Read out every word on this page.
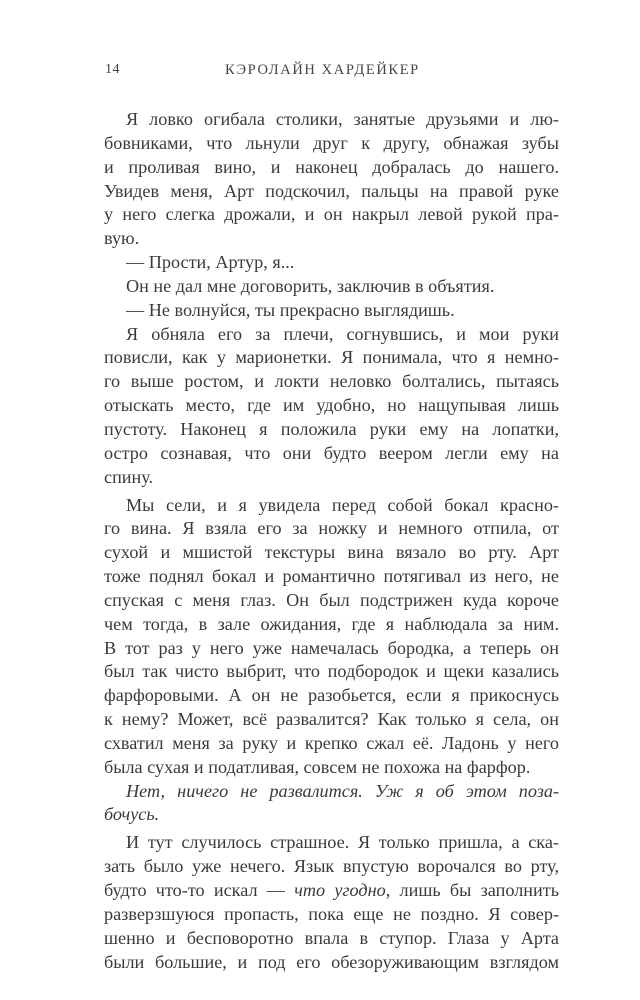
14	КЭРОЛАЙН ХАРДЕЙКЕР
Я ловко огибала столики, занятые друзьями и лю-
бовниками, что льнули друг к другу, обнажая зубы
и проливая вино, и наконец добралась до нашего.
Увидев меня, Арт подскочил, пальцы на правой руке
у него слегка дрожали, и он накрыл левой рукой пра-
вую.
— Прости, Артур, я...
Он не дал мне договорить, заключив в объятия.
— Не волнуйся, ты прекрасно выглядишь.
Я обняла его за плечи, согнувшись, и мои руки
повисли, как у марионетки. Я понимала, что я немно-
го выше ростом, и локти неловко болтались, пытаясь
отыскать место, где им удобно, но нащупывая лишь
пустоту. Наконец я положила руки ему на лопатки,
остро сознавая, что они будто веером легли ему на
спину.
Мы сели, и я увидела перед собой бокал красно-
го вина. Я взяла его за ножку и немного отпила, от
сухой и мшистой текстуры вина вязало во рту. Арт
тоже поднял бокал и романтично потягивал из него, не
спуская с меня глаз. Он был подстрижен куда короче
чем тогда, в зале ожидания, где я наблюдала за ним.
В тот раз у него уже намечалась бородка, а теперь он
был так чисто выбрит, что подбородок и щеки казались
фарфоровыми. А он не разобьется, если я прикоснусь
к нему? Может, всё развалится? Как только я села, он
схватил меня за руку и крепко сжал её. Ладонь у него
была сухая и податливая, совсем не похожа на фарфор.
Нет, ничего не развалится. Уж я об этом поза-
бочусь.
И тут случилось страшное. Я только пришла, а ска-
зать было уже нечего. Язык впустую ворочался во рту,
будто что-то искал — что угодно, лишь бы заполнить
разверзшуюся пропасть, пока еще не поздно. Я совер-
шенно и бесповоротно впала в ступор. Глаза у Арта
были большие, и под его обезоруживающим взглядом
